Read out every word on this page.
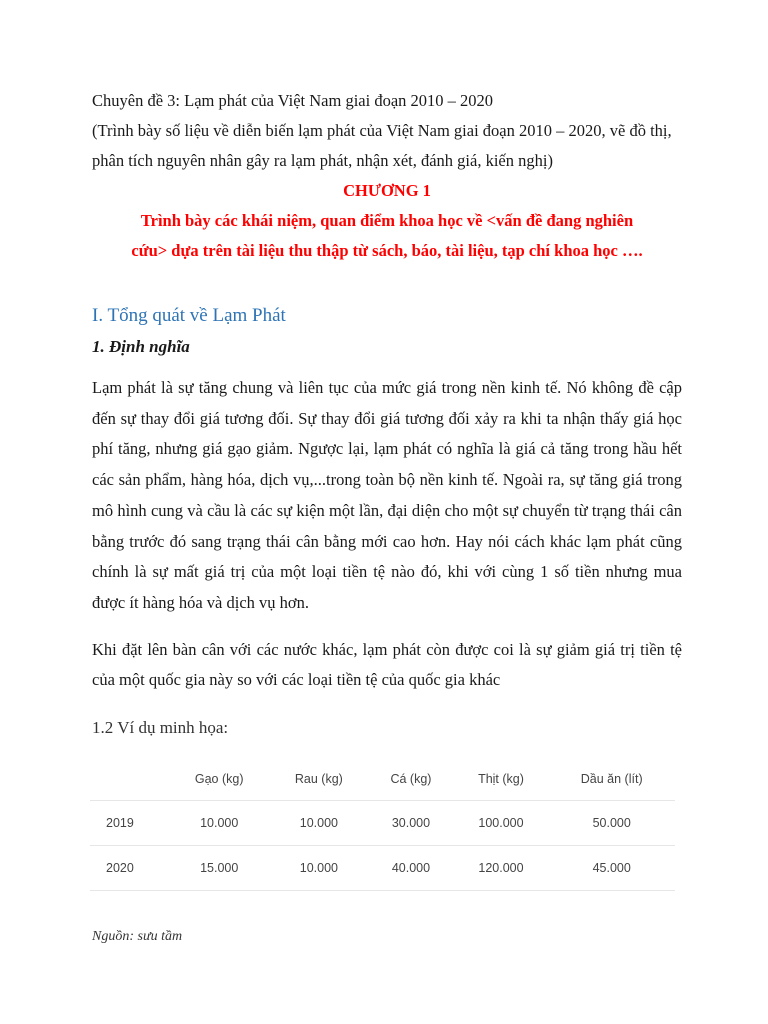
Chuyên đề 3: Lạm phát của Việt Nam giai đoạn 2010 – 2020

(Trình bày số liệu về diễn biến lạm phát của Việt Nam giai đoạn 2010 – 2020, vẽ đồ thị, phân tích nguyên nhân gây ra lạm phát, nhận xét, đánh giá, kiến nghị)

CHƯƠNG 1

Trình bày các khái niệm, quan điểm khoa học về <vấn đề đang nghiên
cứu> dựa trên tài liệu thu thập từ sách, báo, tài liệu, tạp chí khoa học ….

I. Tổng quát về Lạm Phát
1. Định nghĩa

Lạm phát là sự tăng chung và liên tục của mức giá trong nền kinh tế. Nó không đề cập đến sự thay đổi giá tương đối. Sự thay đổi giá tương đối xảy ra khi ta nhận thấy giá học phí tăng, nhưng giá gạo giảm. Ngược lại, lạm phát có nghĩa là giá cả tăng trong hầu hết các sản phẩm, hàng hóa, dịch vụ,...trong toàn bộ nền kinh tế. Ngoài ra, sự tăng giá trong mô hình cung và cầu là các sự kiện một lần, đại diện cho một sự chuyển từ trạng thái cân bằng trước đó sang trạng thái cân bằng mới cao hơn. Hay nói cách khác lạm phát cũng chính là sự mất giá trị của một loại tiền tệ nào đó, khi với cùng 1 số tiền nhưng mua được ít hàng hóa và dịch vụ hơn.

Khi đặt lên bàn cân với các nước khác, lạm phát còn được coi là sự giảm giá trị tiền tệ của một quốc gia này so với các loại tiền tệ của quốc gia khác

1.2 Ví dụ minh họa:
	Gạo (kg)	Rau (kg)	Cá (kg)	Thịt (kg)	Dầu ăn (lít)
2019	10.000	10.000	30.000	100.000	50.000
2020	15.000	10.000	40.000	120.000	45.000
Nguồn: sưu tầm
